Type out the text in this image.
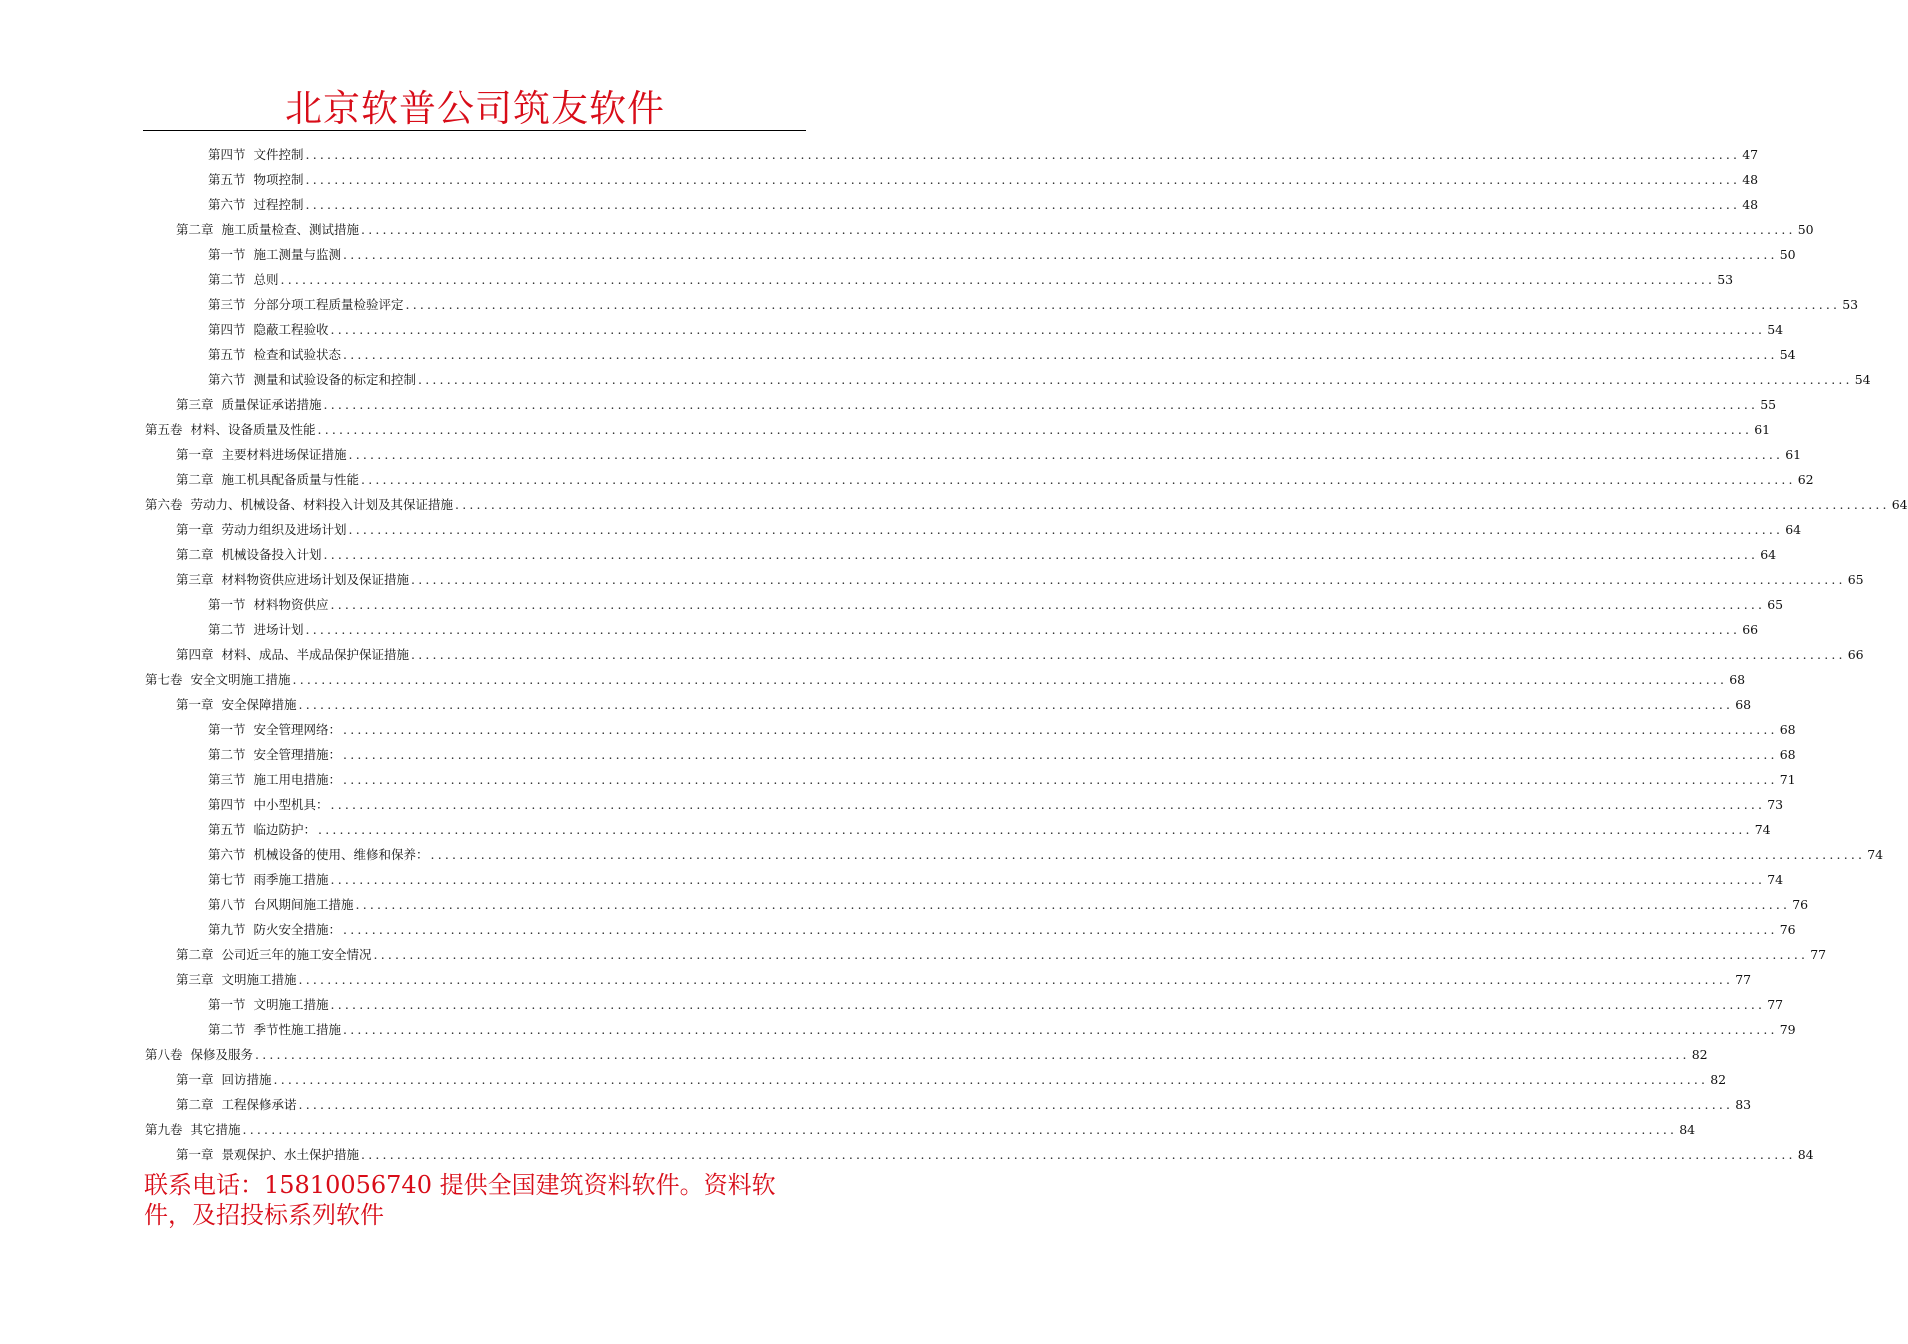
北京软普公司筑友软件
第四节 文件控制 ........................................................................................................................................................................................................ 47
第五节 物项控制 ........................................................................................................................................................................................................ 48
第六节 过程控制 ........................................................................................................................................................................................................ 48
第二章 施工质量检查、测试措施 ........................................................................................................................................................................................................ 50
第一节 施工测量与监测 ........................................................................................................................................................................................................ 50
第二节 总则 ........................................................................................................................................................................................................ 53
第三节 分部分项工程质量检验评定 ........................................................................................................................................................................................................ 53
第四节 隐蔽工程验收 ........................................................................................................................................................................................................ 54
第五节 检查和试验状态 ........................................................................................................................................................................................................ 54
第六节 测量和试验设备的标定和控制 ........................................................................................................................................................................................................ 54
第三章 质量保证承诺措施 ........................................................................................................................................................................................................ 55
第五卷 材料、设备质量及性能 ........................................................................................................................................................................................................ 61
第一章 主要材料进场保证措施 ........................................................................................................................................................................................................ 61
第二章 施工机具配备质量与性能 ........................................................................................................................................................................................................ 62
第六卷 劳动力、机械设备、材料投入计划及其保证措施 ........................................................................................................................................................................................................ 64
第一章 劳动力组织及进场计划 ........................................................................................................................................................................................................ 64
第二章 机械设备投入计划 ........................................................................................................................................................................................................ 64
第三章 材料物资供应进场计划及保证措施 ........................................................................................................................................................................................................ 65
第一节 材料物资供应 ........................................................................................................................................................................................................ 65
第二节 进场计划 ........................................................................................................................................................................................................ 66
第四章 材料、成品、半成品保护保证措施 ........................................................................................................................................................................................................ 66
第七卷 安全文明施工措施 ........................................................................................................................................................................................................ 68
第一章 安全保障措施 ........................................................................................................................................................................................................ 68
第一节 安全管理网络： ........................................................................................................................................................................................................ 68
第二节 安全管理措施： ........................................................................................................................................................................................................ 68
第三节 施工用电措施： ........................................................................................................................................................................................................ 71
第四节 中小型机具： ........................................................................................................................................................................................................ 73
第五节 临边防护： ........................................................................................................................................................................................................ 74
第六节 机械设备的使用、维修和保养： ........................................................................................................................................................................................................ 74
第七节 雨季施工措施 ........................................................................................................................................................................................................ 74
第八节 台风期间施工措施 ........................................................................................................................................................................................................ 76
第九节 防火安全措施： ........................................................................................................................................................................................................ 76
第二章 公司近三年的施工安全情况 ........................................................................................................................................................................................................ 77
第三章 文明施工措施 ........................................................................................................................................................................................................ 77
第一节 文明施工措施 ........................................................................................................................................................................................................ 77
第二节 季节性施工措施 ........................................................................................................................................................................................................ 79
第八卷 保修及服务 ........................................................................................................................................................................................................ 82
第一章 回访措施 ........................................................................................................................................................................................................ 82
第二章 工程保修承诺 ........................................................................................................................................................................................................ 83
第九卷 其它措施 ........................................................................................................................................................................................................ 84
第一章 景观保护、水土保护措施 ........................................................................................................................................................................................................ 84
联系电话：15810056740 提供全国建筑资料软件。资料软件，及招投标系列软件
